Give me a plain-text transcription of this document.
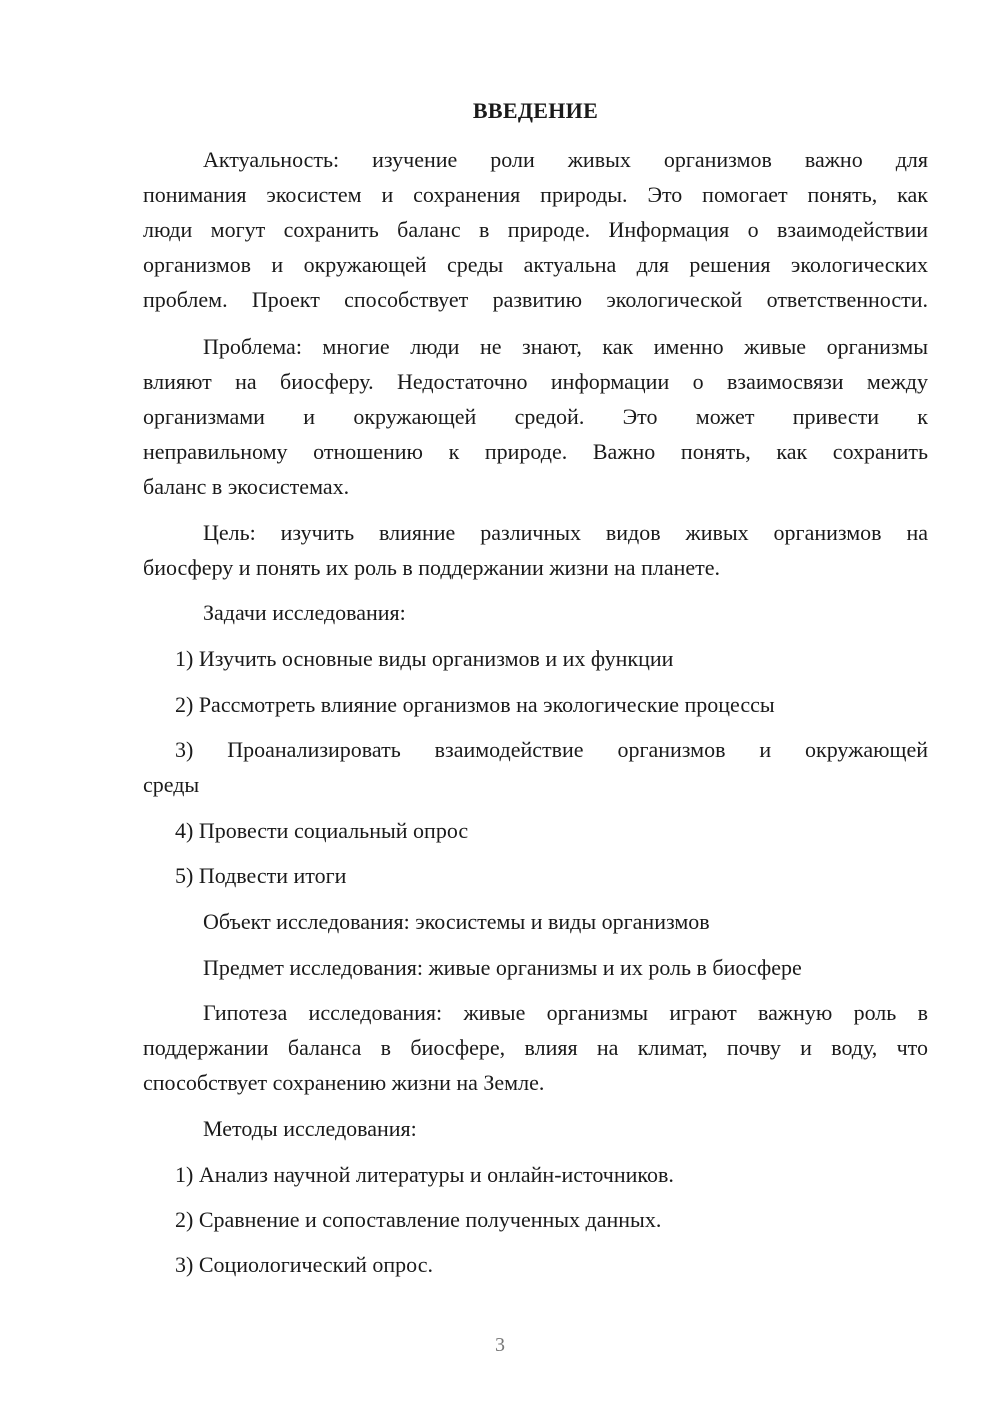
ВВЕДЕНИЕ
Актуальность: изучение роли живых организмов важно для
понимания экосистем и сохранения природы. Это помогает понять, как
люди могут сохранить баланс в природе. Информация о взаимодействии
организмов и окружающей среды актуальна для решения экологических
проблем. Проект способствует развитию экологической ответственности.
Проблема: многие люди не знают, как именно живые организмы
влияют на биосферу. Недостаточно информации о взаимосвязи между
организмами и окружающей средой. Это может привести к
неправильному отношению к природе. Важно понять, как сохранить
баланс в экосистемах.
Цель: изучить влияние различных видов живых организмов на
биосферу и понять их роль в поддержании жизни на планете.
Задачи исследования:
1) Изучить основные виды организмов и их функции
2) Рассмотреть влияние организмов на экологические процессы
3) Проанализировать взаимодействие организмов и окружающей
среды
4) Провести социальный опрос
5) Подвести итоги
Объект исследования: экосистемы и виды организмов
Предмет исследования: живые организмы и их роль в биосфере
Гипотеза исследования: живые организмы играют важную роль в
поддержании баланса в биосфере, влияя на климат, почву и воду, что
способствует сохранению жизни на Земле.
Методы исследования:
1) Анализ научной литературы и онлайн-источников.
2) Сравнение и сопоставление полученных данных.
3) Социологический опрос.
3
